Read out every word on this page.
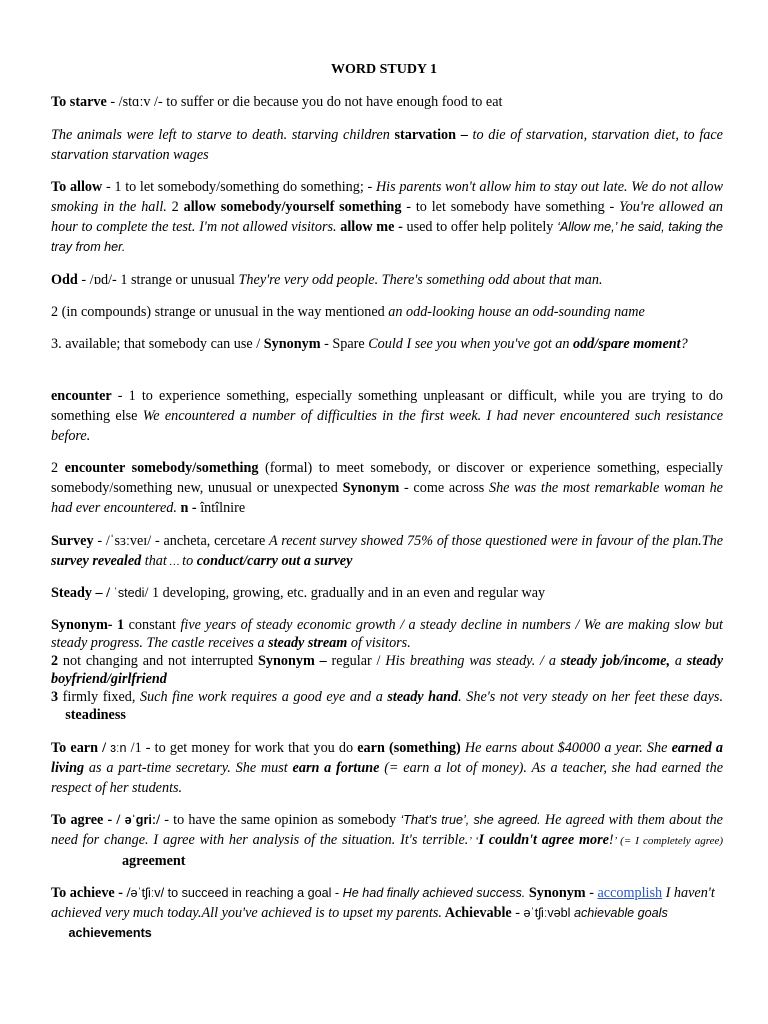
WORD STUDY 1

To starve - /stɑːv /- to suffer or die because you do not have enough food to eat

The animals were left to starve to death. starving children starvation – to die of starvation, starvation diet, to face starvation starvation wages

To allow - 1 to let somebody/something do something; - His parents won't allow him to stay out late. We do not allow smoking in the hall. 2 allow somebody/yourself something - to let somebody have something - You're allowed an hour to complete the test. I'm not allowed visitors. allow me - used to offer help politely ‘Allow me,’ he said, taking the tray from her.

Odd - /ɒd/- 1 strange or unusual They're very odd people. There's something odd about that man.

2 (in compounds) strange or unusual in the way mentioned an odd-looking house an odd-sounding name

3. available; that somebody can use / Synonym - Spare Could I see you when you've got an odd/spare moment?

encounter - 1 to experience something, especially something unpleasant or difficult, while you are trying to do something else We encountered a number of difficulties in the first week. I had never encountered such resistance before.

2 encounter somebody/something (formal) to meet somebody, or discover or experience something, especially somebody/something new, unusual or unexpected Synonym - come across She was the most remarkable woman he had ever encountered. n - întîlnire

Survey - /ˈsɜːveɪ/ - ancheta, cercetare A recent survey showed 75% of those questioned were in favour of the plan.The survey revealed that … to conduct/carry out a survey

Steady – / ˈstedi/ 1 developing, growing, etc. gradually and in an even and regular way

Synonym- 1 constant five years of steady economic growth / a steady decline in numbers / We are making slow but steady progress. The castle receives a steady stream of visitors.
2 not changing and not interrupted Synonym – regular / His breathing was steady. / a steady job/income, a steady boyfriend/girlfriend
3 firmly fixed, Such fine work requires a good eye and a steady hand. She's not very steady on her feet these days.    steadiness

To earn / ɜːn /1 - to get money for work that you do earn (something) He earns about $40000 a year. She earned a living as a part-time secretary. She must earn a fortune (= earn a lot of money). As a teacher, she had earned the respect of her students.

To agree - / əˈɡriː/ - to have the same opinion as somebody ‘That's true’, she agreed. He agreed with them about the need for change. I agree with her analysis of the situation. It's terrible.’ ‘I couldn't agree more!’ (= I completely agree)                    agreement

To achieve - /əˈtʃiːv/ to succeed in reaching a goal - He had finally achieved success. Synonym - accomplish I haven't achieved very much today.All you've achieved is to upset my parents. Achievable - əˈtʃiːvəbl achievable goals     achievements
